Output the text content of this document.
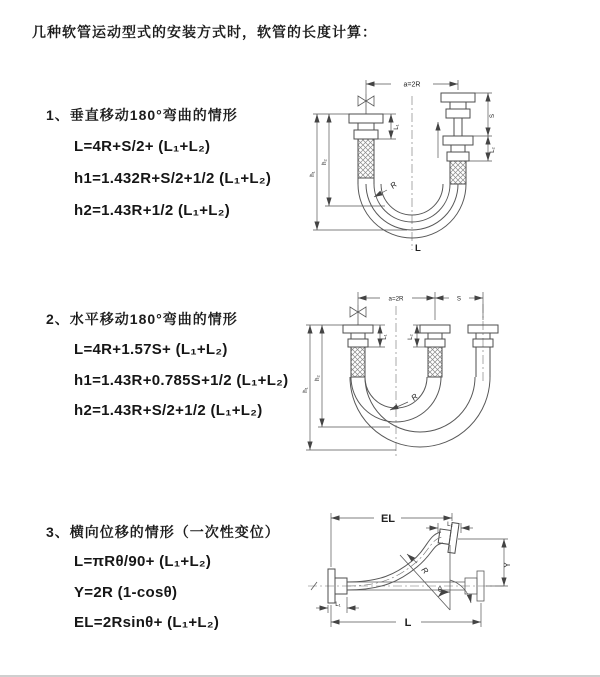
几种软管运动型式的安装方式时，软管的长度计算：
1、垂直移动180°弯曲的情形
L=4R+S/2+ (L₁+L₂)
h1=1.432R+S/2+1/2 (L₁+L₂)
h2=1.43R+1/2 (L₁+L₂)
2、水平移动180°弯曲的情形
L=4R+1.57S+ (L₁+L₂)
h1=1.43R+0.785S+1/2 (L₁+L₂)
h2=1.43R+S/2+1/2 (L₁+L₂)
3、横向位移的情形（一次性变位）
L=πRθ/90+ (L₁+L₂)
Y=2R (1-cosθ)
EL=2Rsinθ+ (L₁+L₂)
a=2R
L₁
S
L₂
h₁
h₂
R
L
a=2R	S
L₁	L₂
h₁
h₂
R
EL	L₂
Y
θ
R
L₁
L
